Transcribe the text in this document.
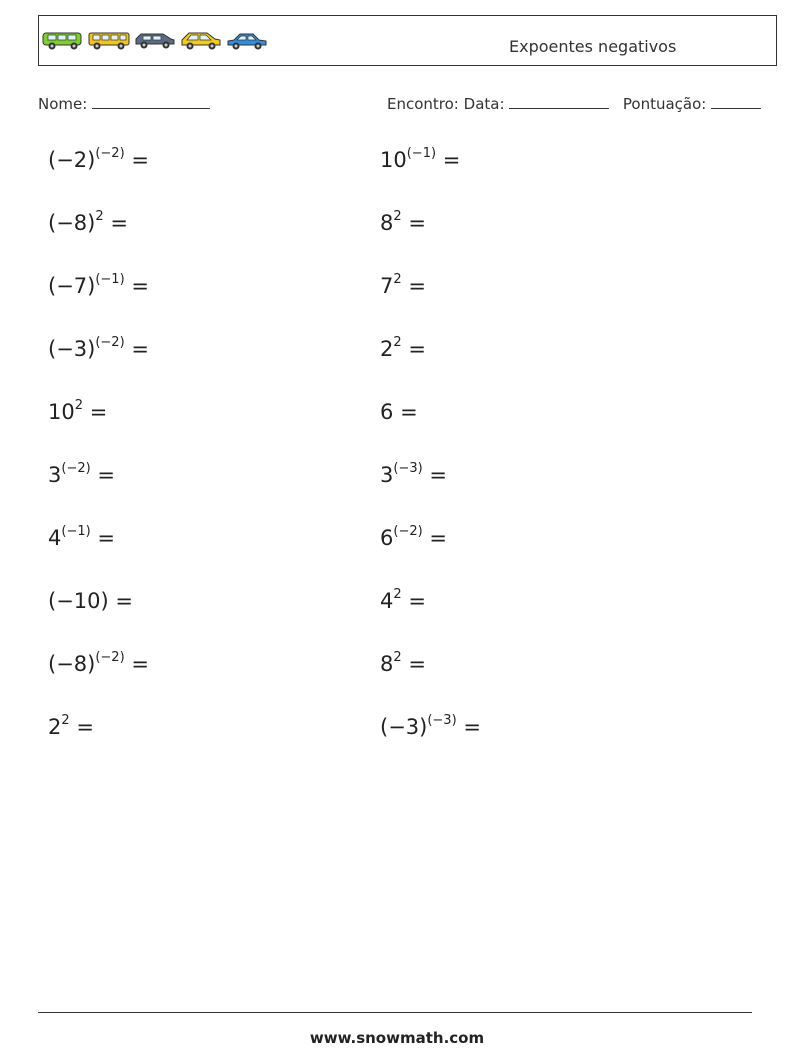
Expoentes negativos
Nome:	Encontro: Data:	Pontuação:
$(-2)^{(-2)}$ =	$10^{(-1)}$ =
$(-8)^2$ =	$8^2$ =
$(-7)^{(-1)}$ =	$7^2$ =
$(-3)^{(-2)}$ =	$2^2$ =
$10^2$ =	6 =
$3^{(-2)}$ =	$3^{(-3)}$ =
$4^{(-1)}$ =	$6^{(-2)}$ =
(−10) =	$4^2$ =
$(-8)^{(-2)}$ =	$8^2$ =
$2^2$ =	$(-3)^{(-3)}$ =
www.snowmath.com
